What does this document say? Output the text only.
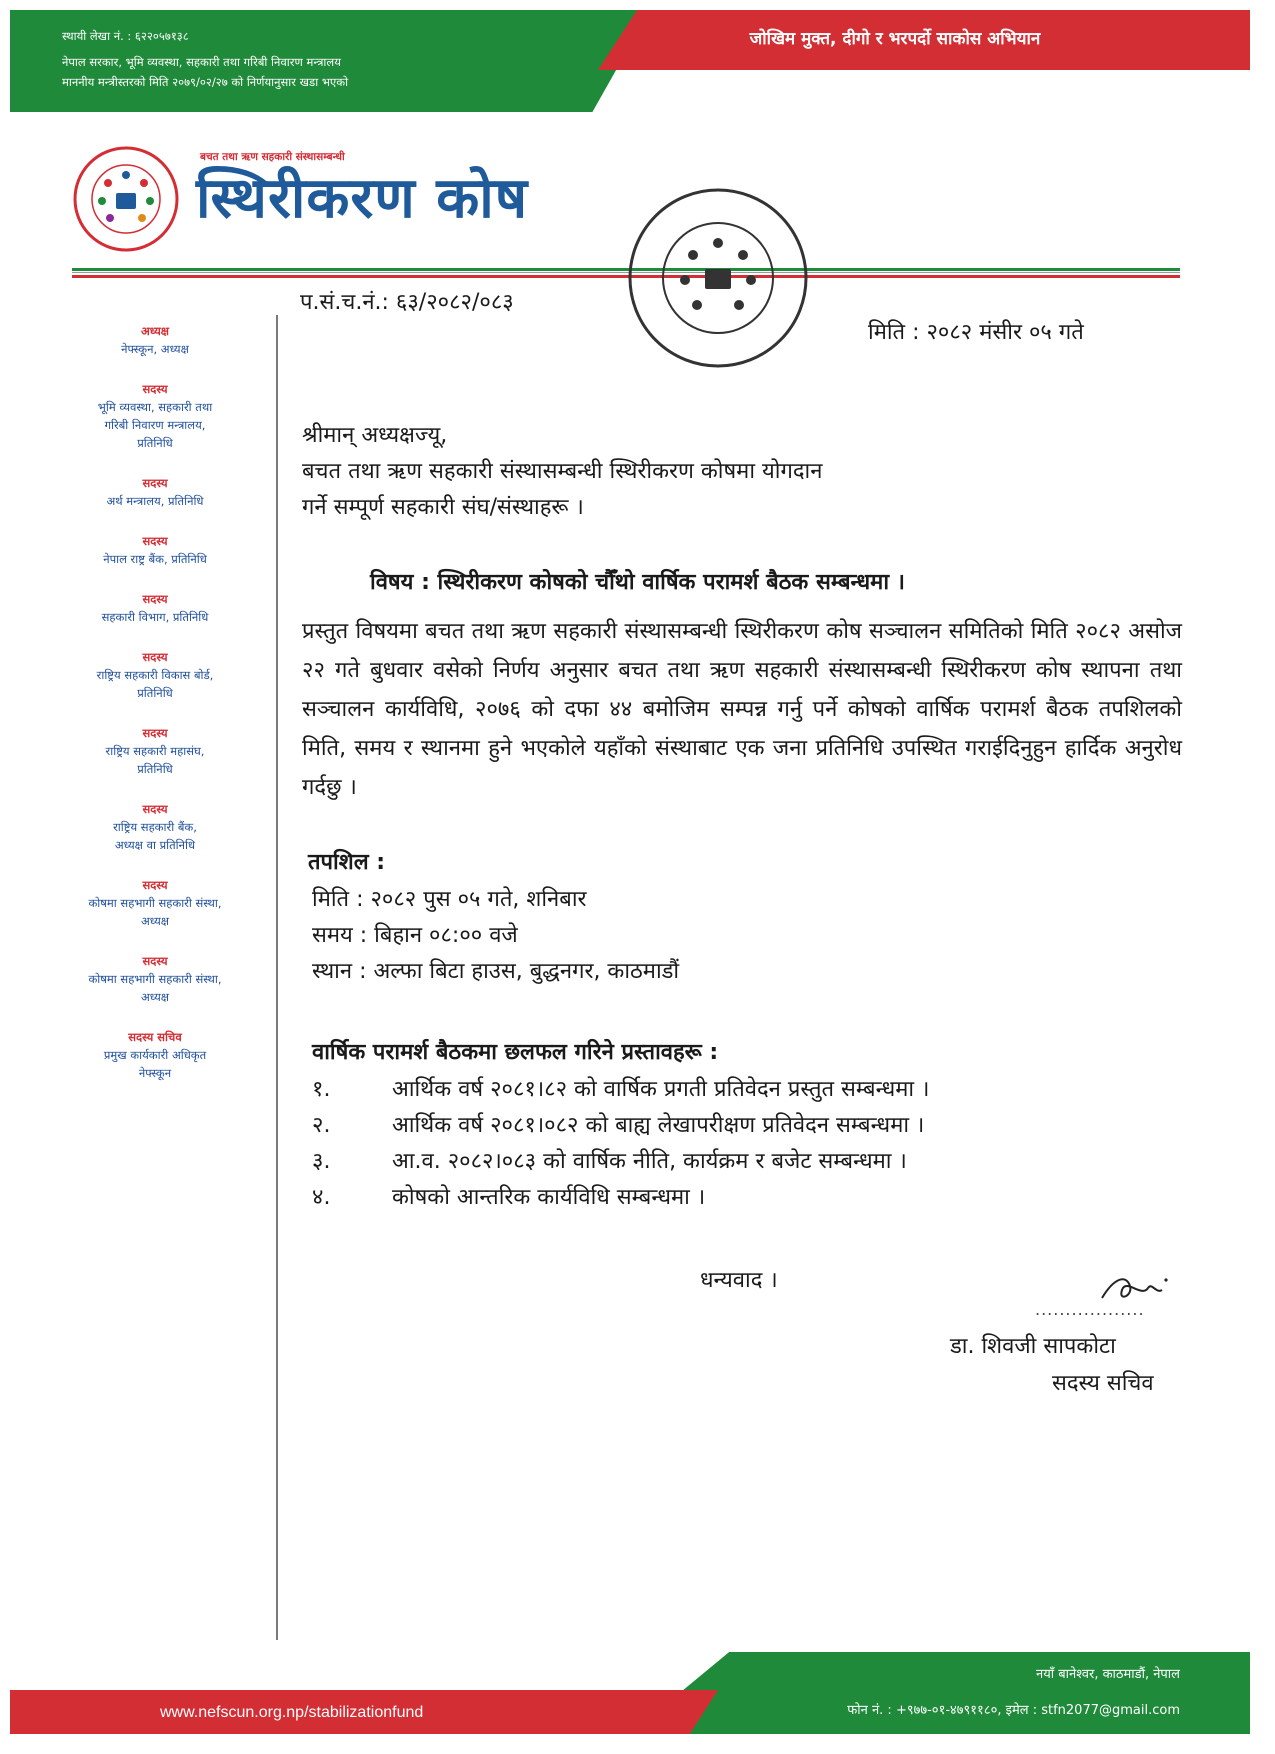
स्थायी लेखा नं. : ६२२०५७१३८
नेपाल सरकार, भूमि व्यवस्था, सहकारी तथा गरिबी निवारण मन्त्रालय
माननीय मन्त्रीस्तरको मिति २०७९/०२/२७ को निर्णयानुसार खडा भएको
जोखिम मुक्त, दीगो र भरपर्दो साकोस अभियान
बचत तथा ऋण सहकारी संस्थासम्बन्धी
स्थिरीकरण कोष
अध्यक्ष
नेफ्स्कून, अध्यक्ष
सदस्य
भूमि व्यवस्था, सहकारी तथा
गरिबी निवारण मन्त्रालय,
प्रतिनिधि
सदस्य
अर्थ मन्त्रालय, प्रतिनिधि
सदस्य
नेपाल राष्ट्र बैंक, प्रतिनिधि
सदस्य
सहकारी विभाग, प्रतिनिधि
सदस्य
राष्ट्रिय सहकारी विकास बोर्ड,
प्रतिनिधि
सदस्य
राष्ट्रिय सहकारी महासंघ,
प्रतिनिधि
सदस्य
राष्ट्रिय सहकारी बैंक,
अध्यक्ष वा प्रतिनिधि
सदस्य
कोषमा सहभागी सहकारी संस्था,
अध्यक्ष
सदस्य
कोषमा सहभागी सहकारी संस्था,
अध्यक्ष
सदस्य सचिव
प्रमुख कार्यकारी अधिकृत
नेफ्स्कून
प.सं.च.नं.: ६३/२०८२/०८३
मिति : २०८२ मंसीर ०५ गते
श्रीमान् अध्यक्षज्यू,
बचत तथा ऋण सहकारी संस्थासम्बन्धी स्थिरीकरण कोषमा योगदान
गर्ने सम्पूर्ण सहकारी संघ/संस्थाहरू ।
विषय : स्थिरीकरण कोषको चौँथो वार्षिक परामर्श बैठक सम्बन्धमा ।
प्रस्तुत विषयमा बचत तथा ऋण सहकारी संस्थासम्बन्धी स्थिरीकरण कोष सञ्चालन समितिको मिति २०८२ असोज २२ गते बुधवार वसेको निर्णय अनुसार बचत तथा ऋण सहकारी संस्थासम्बन्धी स्थिरीकरण कोष स्थापना तथा सञ्चालन कार्यविधि, २०७६ को दफा ४४ बमोजिम सम्पन्न गर्नु पर्ने कोषको वार्षिक परामर्श बैठक तपशिलको मिति, समय र स्थानमा हुने भएकोले यहाँको संस्थाबाट एक जना प्रतिनिधि उपस्थित गराईदिनुहुन हार्दिक अनुरोध गर्दछु ।
तपशिल :
मिति : २०८२ पुस ०५ गते, शनिबार
समय : बिहान ०८:०० वजे
स्थान : अल्फा बिटा हाउस, बुद्धनगर, काठमाडौं
वार्षिक परामर्श बैठकमा छलफल गरिने प्रस्तावहरू :
१.	आर्थिक वर्ष २०८१।८२ को वार्षिक प्रगती प्रतिवेदन प्रस्तुत सम्बन्धमा ।
२.	आर्थिक वर्ष २०८१।०८२ को बाह्य लेखापरीक्षण प्रतिवेदन सम्बन्धमा ।
३.	आ.व. २०८२।०८३ को वार्षिक नीति, कार्यक्रम र बजेट सम्बन्धमा ।
४.	कोषको आन्तरिक कार्यविधि सम्बन्धमा ।
धन्यवाद ।
..................
डा. शिवजी सापकोटा
सदस्य सचिव
www.nefscun.org.np/stabilizationfund
नयाँ बानेश्वर, काठमाडौं, नेपाल
फोन नं. : +९७७-०१-४७९११८०, इमेल : stfn2077@gmail.com
